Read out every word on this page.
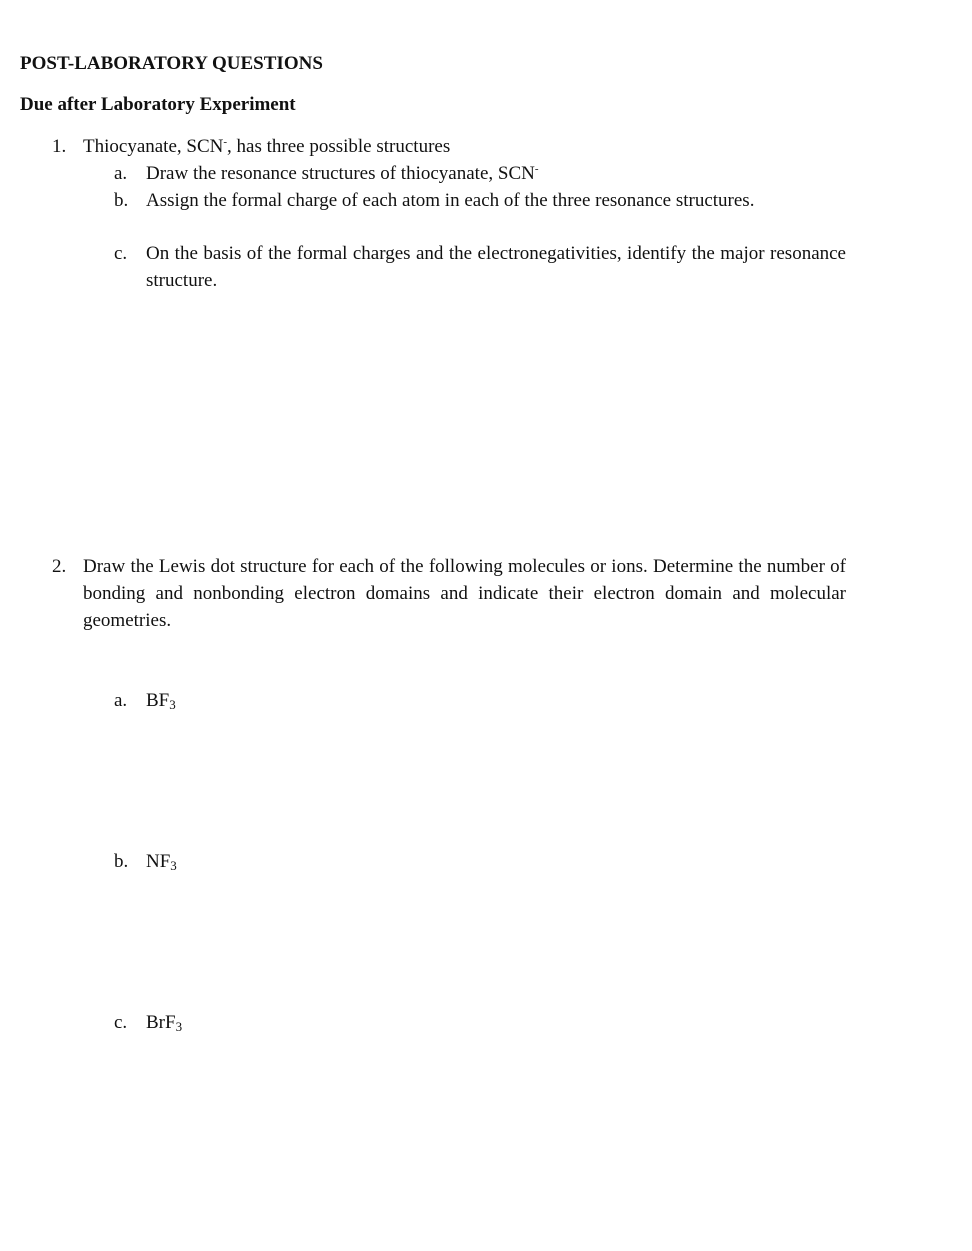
POST-LABORATORY QUESTIONS
Due after Laboratory Experiment
1. Thiocyanate, SCN-, has three possible structures
a. Draw the resonance structures of thiocyanate, SCN-
b. Assign the formal charge of each atom in each of the three resonance structures.
c. On the basis of the formal charges and the electronegativities, identify the major resonance structure.
2. Draw the Lewis dot structure for each of the following molecules or ions. Determine the number of bonding and nonbonding electron domains and indicate their electron domain and molecular geometries.
a. $BF_3$
b. $NF_3$
c. BrF$_3$
